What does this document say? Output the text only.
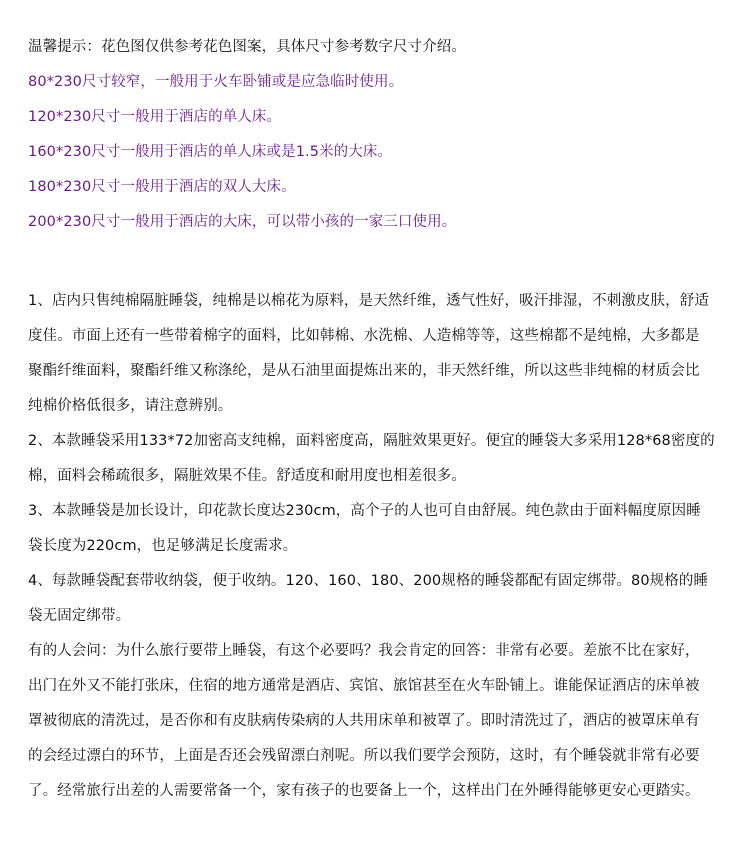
温馨提示：花色图仅供参考花色图案，具体尺寸参考数字尺寸介绍。
80*230尺寸较窄，一般用于火车卧铺或是应急临时使用。
120*230尺寸一般用于酒店的单人床。
160*230尺寸一般用于酒店的单人床或是1.5米的大床。
180*230尺寸一般用于酒店的双人大床。
200*230尺寸一般用于酒店的大床，可以带小孩的一家三口使用。
1、店内只售纯棉隔脏睡袋，纯棉是以棉花为原料，是天然纤维，透气性好，吸汗排湿，不刺激皮肤，舒适
度佳。市面上还有一些带着棉字的面料，比如韩棉、水洗棉、人造棉等等，这些棉都不是纯棉，大多都是
聚酯纤维面料，聚酯纤维又称涤纶，是从石油里面提炼出来的，非天然纤维，所以这些非纯棉的材质会比
纯棉价格低很多，请注意辨别。
2、本款睡袋采用133*72加密高支纯棉，面料密度高，隔脏效果更好。便宜的睡袋大多采用128*68密度的
棉，面料会稀疏很多，隔脏效果不佳。舒适度和耐用度也相差很多。
3、本款睡袋是加长设计，印花款长度达230cm，高个子的人也可自由舒展。纯色款由于面料幅度原因睡
袋长度为220cm，也足够满足长度需求。
4、每款睡袋配套带收纳袋，便于收纳。120、160、180、200规格的睡袋都配有固定绑带。80规格的睡
袋无固定绑带。
有的人会问：为什么旅行要带上睡袋，有这个必要吗？我会肯定的回答：非常有必要。差旅不比在家好，
出门在外又不能打张床，住宿的地方通常是酒店、宾馆、旅馆甚至在火车卧铺上。谁能保证酒店的床单被
罩被彻底的清洗过，是否你和有皮肤病传染病的人共用床单和被罩了。即时清洗过了，酒店的被罩床单有
的会经过漂白的环节，上面是否还会残留漂白剂呢。所以我们要学会预防，这时，有个睡袋就非常有必要
了。经常旅行出差的人需要常备一个，家有孩子的也要备上一个，这样出门在外睡得能够更安心更踏实。
